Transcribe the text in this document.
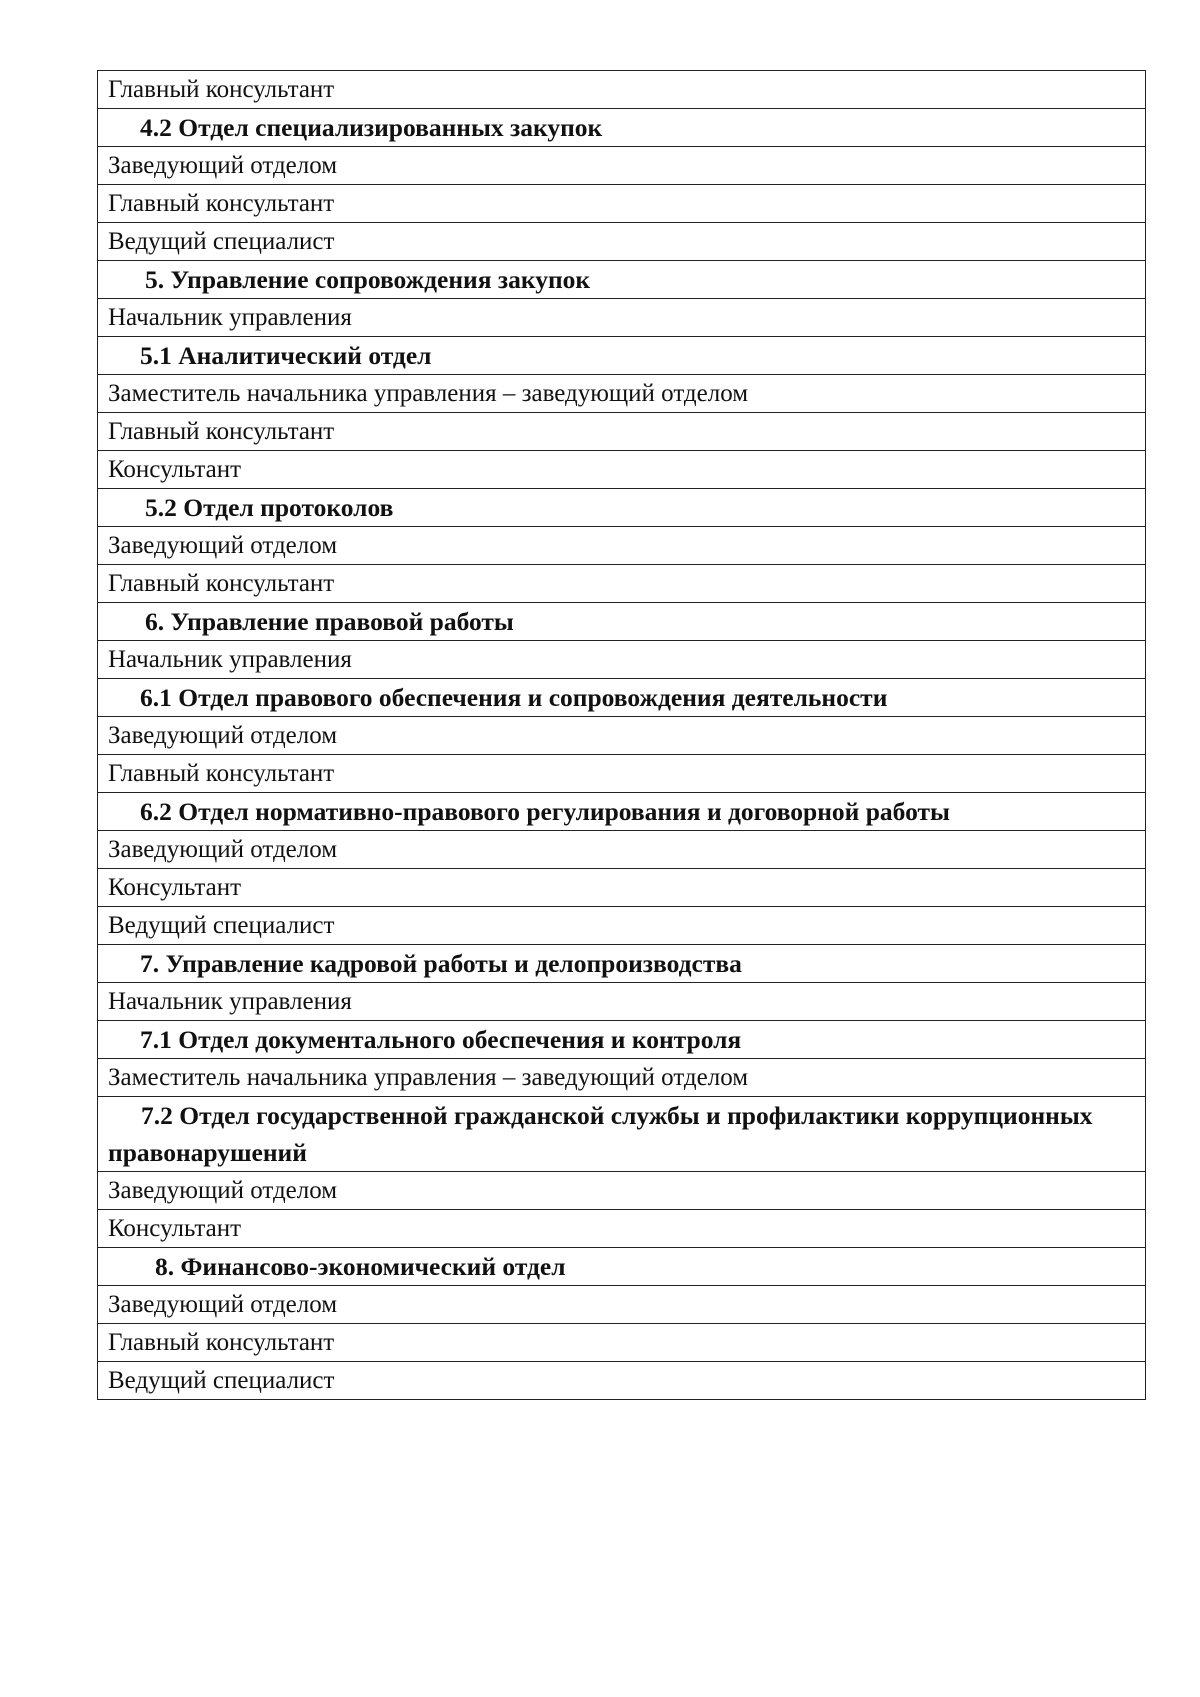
Главный консультант
4.2 Отдел специализированных закупок
Заведующий отделом
Главный консультант
Ведущий специалист
5. Управление сопровождения закупок
Начальник управления
5.1 Аналитический отдел
Заместитель начальника управления – заведующий отделом
Главный консультант
Консультант
5.2 Отдел протоколов
Заведующий отделом
Главный консультант
6. Управление правовой работы
Начальник управления
6.1 Отдел правового обеспечения и сопровождения деятельности
Заведующий отделом
Главный консультант
6.2 Отдел нормативно-правового регулирования и договорной работы
Заведующий отделом
Консультант
Ведущий специалист
7. Управление кадровой работы и делопроизводства
Начальник управления
7.1 Отдел документального обеспечения и контроля
Заместитель начальника управления – заведующий отделом
7.2 Отдел государственной гражданской службы и профилактики коррупционных правонарушений
Заведующий отделом
Консультант
8. Финансово-экономический отдел
Заведующий отделом
Главный консультант
Ведущий специалист
